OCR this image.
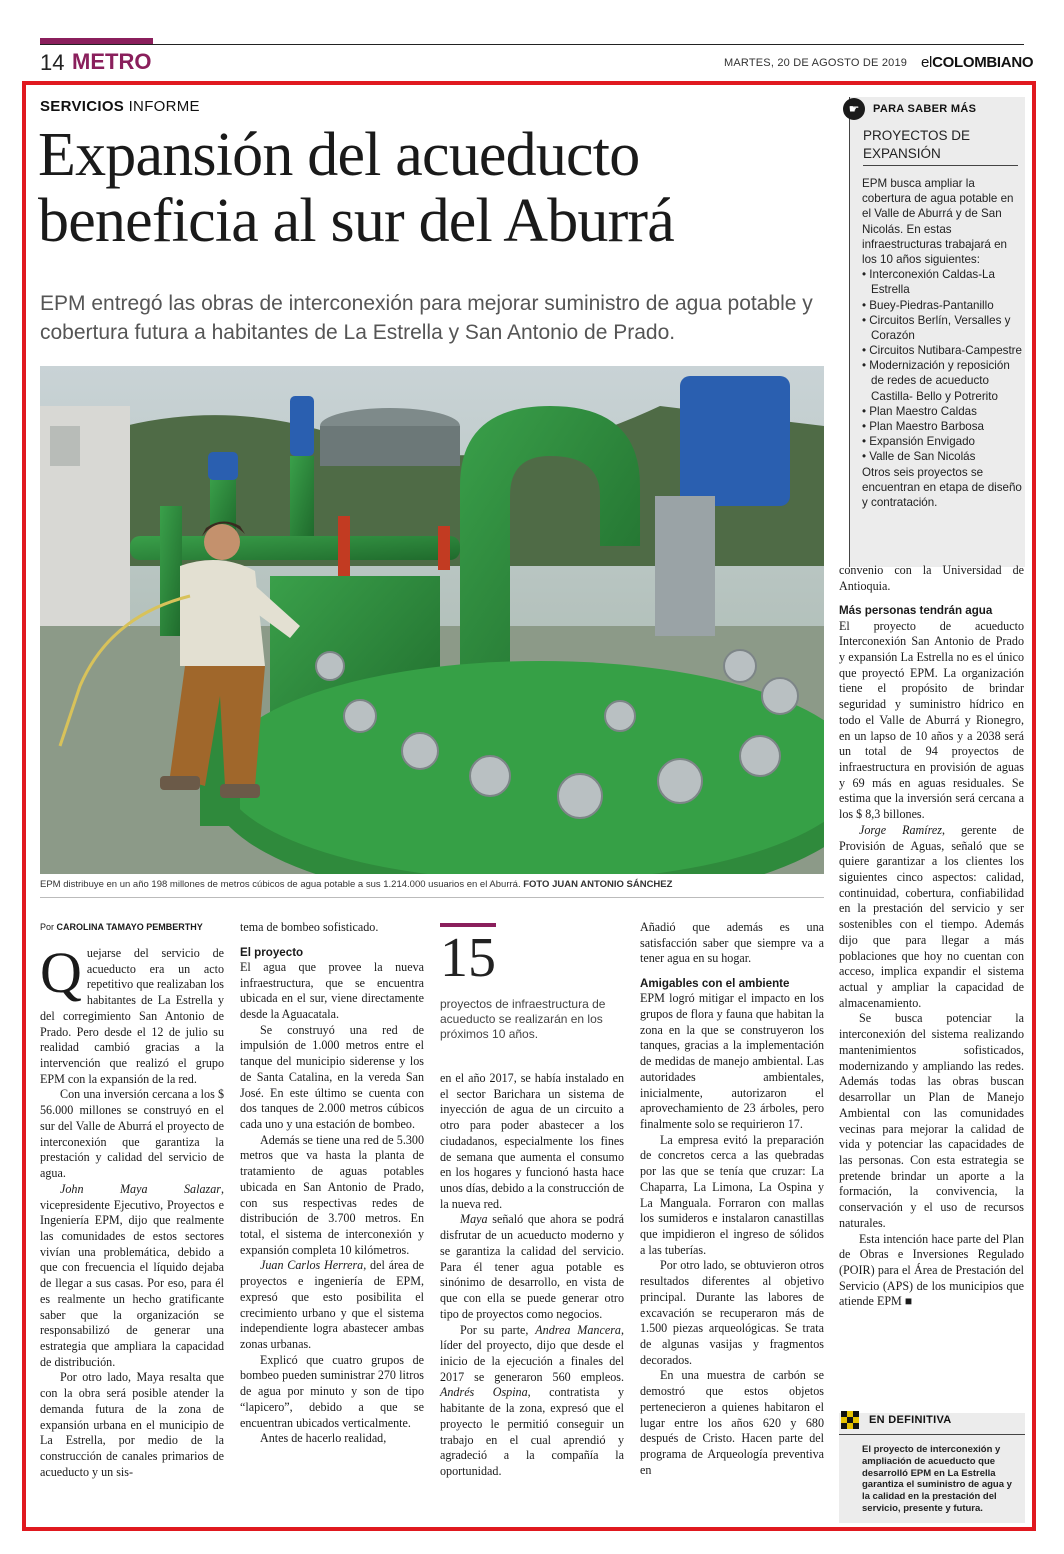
14 METRO	MARTES, 20 DE AGOSTO DE 2019 elCOLOMBIANO
SERVICIOS INFORME
Expansión del acueducto beneficia al sur del Aburrá
EPM entregó las obras de interconexión para mejorar suministro de agua potable y cobertura futura a habitantes de La Estrella y San Antonio de Prado.
EPM distribuye en un año 198 millones de metros cúbicos de agua potable a sus 1.214.000 usuarios en el Aburrá. FOTO JUAN ANTONIO SÁNCHEZ
☛	PARA SABER MÁS
PROYECTOS DE EXPANSIÓN
EPM busca ampliar la cobertura de agua potable en el Valle de Aburrá y de San Nicolás. En estas infraestructuras trabajará en los 10 años siguientes:
• Interconexión Caldas-La Estrella
• Buey-Piedras-Pantanillo
• Circuitos Berlín, Versalles y Corazón
• Circuitos Nutibara-Campestre
• Modernización y reposición de redes de acueducto Castilla- Bello y Potrerito
• Plan Maestro Caldas
• Plan Maestro Barbosa
• Expansión Envigado
• Valle de San Nicolás
Otros seis proyectos se encuentran en etapa de diseño y contratación.
Por CAROLINA TAMAYO PEMBERTHY

Quejarse del servicio de acueducto era un acto repetitivo que realizaban los habitantes de La Estrella y del corregimiento San Antonio de Prado. Pero desde el 12 de julio su realidad cambió gracias a la intervención que realizó el grupo EPM con la expansión de la red.

Con una inversión cercana a los $ 56.000 millones se construyó en el sur del Valle de Aburrá el proyecto de interconexión que garantiza la prestación y calidad del servicio de agua.

John Maya Salazar, vicepresidente Ejecutivo, Proyectos e Ingeniería EPM, dijo que realmente las comunidades de estos sectores vivían una problemática, debido a que con frecuencia el líquido dejaba de llegar a sus casas. Por eso, para él es realmente un hecho gratificante saber que la organización se responsabilizó de generar una estrategia que ampliara la capacidad de distribución.

Por otro lado, Maya resalta que con la obra será posible atender la demanda futura de la zona de expansión urbana en el municipio de La Estrella, por medio de la construcción de canales primarios de acueducto y un sis-

tema de bombeo sofisticado.

El proyecto

El agua que provee la nueva infraestructura, que se encuentra ubicada en el sur, viene directamente desde la Aguacatala.

Se construyó una red de impulsión de 1.000 metros entre el tanque del municipio siderense y los de Santa Catalina, en la vereda San José. En este último se cuenta con dos tanques de 2.000 metros cúbicos cada uno y una estación de bombeo.

Además se tiene una red de 5.300 metros que va hasta la planta de tratamiento de aguas potables ubicada en San Antonio de Prado, con sus respectivas redes de distribución de 3.700 metros. En total, el sistema de interconexión y expansión completa 10 kilómetros.

Juan Carlos Herrera, del área de proyectos e ingeniería de EPM, expresó que esto posibilita el crecimiento urbano y que el sistema independiente logra abastecer ambas zonas urbanas.

Explicó que cuatro grupos de bombeo pueden suministrar 270 litros de agua por minuto y son de tipo “lapicero”, debido a que se encuentran ubicados verticalmente.

Antes de hacerlo realidad,

15
proyectos de infraestructura de acueducto se realizarán en los próximos 10 años.

en el año 2017, se había instalado en el sector Barichara un sistema de inyección de agua de un circuito a otro para poder abastecer a los ciudadanos, especialmente los fines de semana que aumenta el consumo en los hogares y funcionó hasta hace unos días, debido a la construcción de la nueva red.

Maya señaló que ahora se podrá disfrutar de un acueducto moderno y se garantiza la calidad del servicio. Para él tener agua potable es sinónimo de desarrollo, en vista de que con ella se puede generar otro tipo de proyectos como negocios.

Por su parte, Andrea Mancera, líder del proyecto, dijo que desde el inicio de la ejecución a finales del 2017 se generaron 560 empleos. Andrés Ospina, contratista y habitante de la zona, expresó que el proyecto le permitió conseguir un trabajo en el cual aprendió y agradeció a la compañía la oportunidad.

Añadió que además es una satisfacción saber que siempre va a tener agua en su hogar.

Amigables con el ambiente

EPM logró mitigar el impacto en los grupos de flora y fauna que habitan la zona en la que se construyeron los tanques, gracias a la implementación de medidas de manejo ambiental. Las autoridades ambientales, inicialmente, autorizaron el aprovechamiento de 23 árboles, pero finalmente solo se requirieron 17.

La empresa evitó la preparación de concretos cerca a las quebradas por las que se tenía que cruzar: La Chaparra, La Limona, La Ospina y La Manguala. Forraron con mallas los sumideros e instalaron canastillas que impidieron el ingreso de sólidos a las tuberías.

Por otro lado, se obtuvieron otros resultados diferentes al objetivo principal. Durante las labores de excavación se recuperaron más de 1.500 piezas arqueológicas. Se trata de algunas vasijas y fragmentos decorados.

En una muestra de carbón se demostró que estos objetos pertenecieron a quienes habitaron el lugar entre los años 620 y 680 después de Cristo. Hacen parte del programa de Arqueología preventiva en

convenio con la Universidad de Antioquia.

Más personas tendrán agua

El proyecto de acueducto Interconexión San Antonio de Prado y expansión La Estrella no es el único que proyectó EPM. La organización tiene el propósito de brindar seguridad y suministro hídrico en todo el Valle de Aburrá y Rionegro, en un lapso de 10 años y a 2038 será un total de 94 proyectos de infraestructura en provisión de aguas y 69 más en aguas residuales. Se estima que la inversión será cercana a los $ 8,3 billones.

Jorge Ramírez, gerente de Provisión de Aguas, señaló que se quiere garantizar a los clientes los siguientes cinco aspectos: calidad, continuidad, cobertura, confiabilidad en la prestación del servicio y ser sostenibles con el tiempo. Además dijo que para llegar a más poblaciones que hoy no cuentan con acceso, implica expandir el sistema actual y ampliar la capacidad de almacenamiento.

Se busca potenciar la interconexión del sistema realizando mantenimientos sofisticados, modernizando y ampliando las redes. Además todas las obras buscan desarrollar un Plan de Manejo Ambiental con las comunidades vecinas para mejorar la calidad de vida y potenciar las capacidades de las personas. Con esta estrategia se pretende brindar un aporte a la formación, la convivencia, la conservación y el uso de recursos naturales.

Esta intención hace parte del Plan de Obras e Inversiones Regulado (POIR) para el Área de Prestación del Servicio (APS) de los municipios que atiende EPM ■

EN DEFINITIVA
El proyecto de interconexión y ampliación de acueducto que desarrolló EPM en La Estrella garantiza el suministro de agua y la calidad en la prestación del servicio, presente y futura.
